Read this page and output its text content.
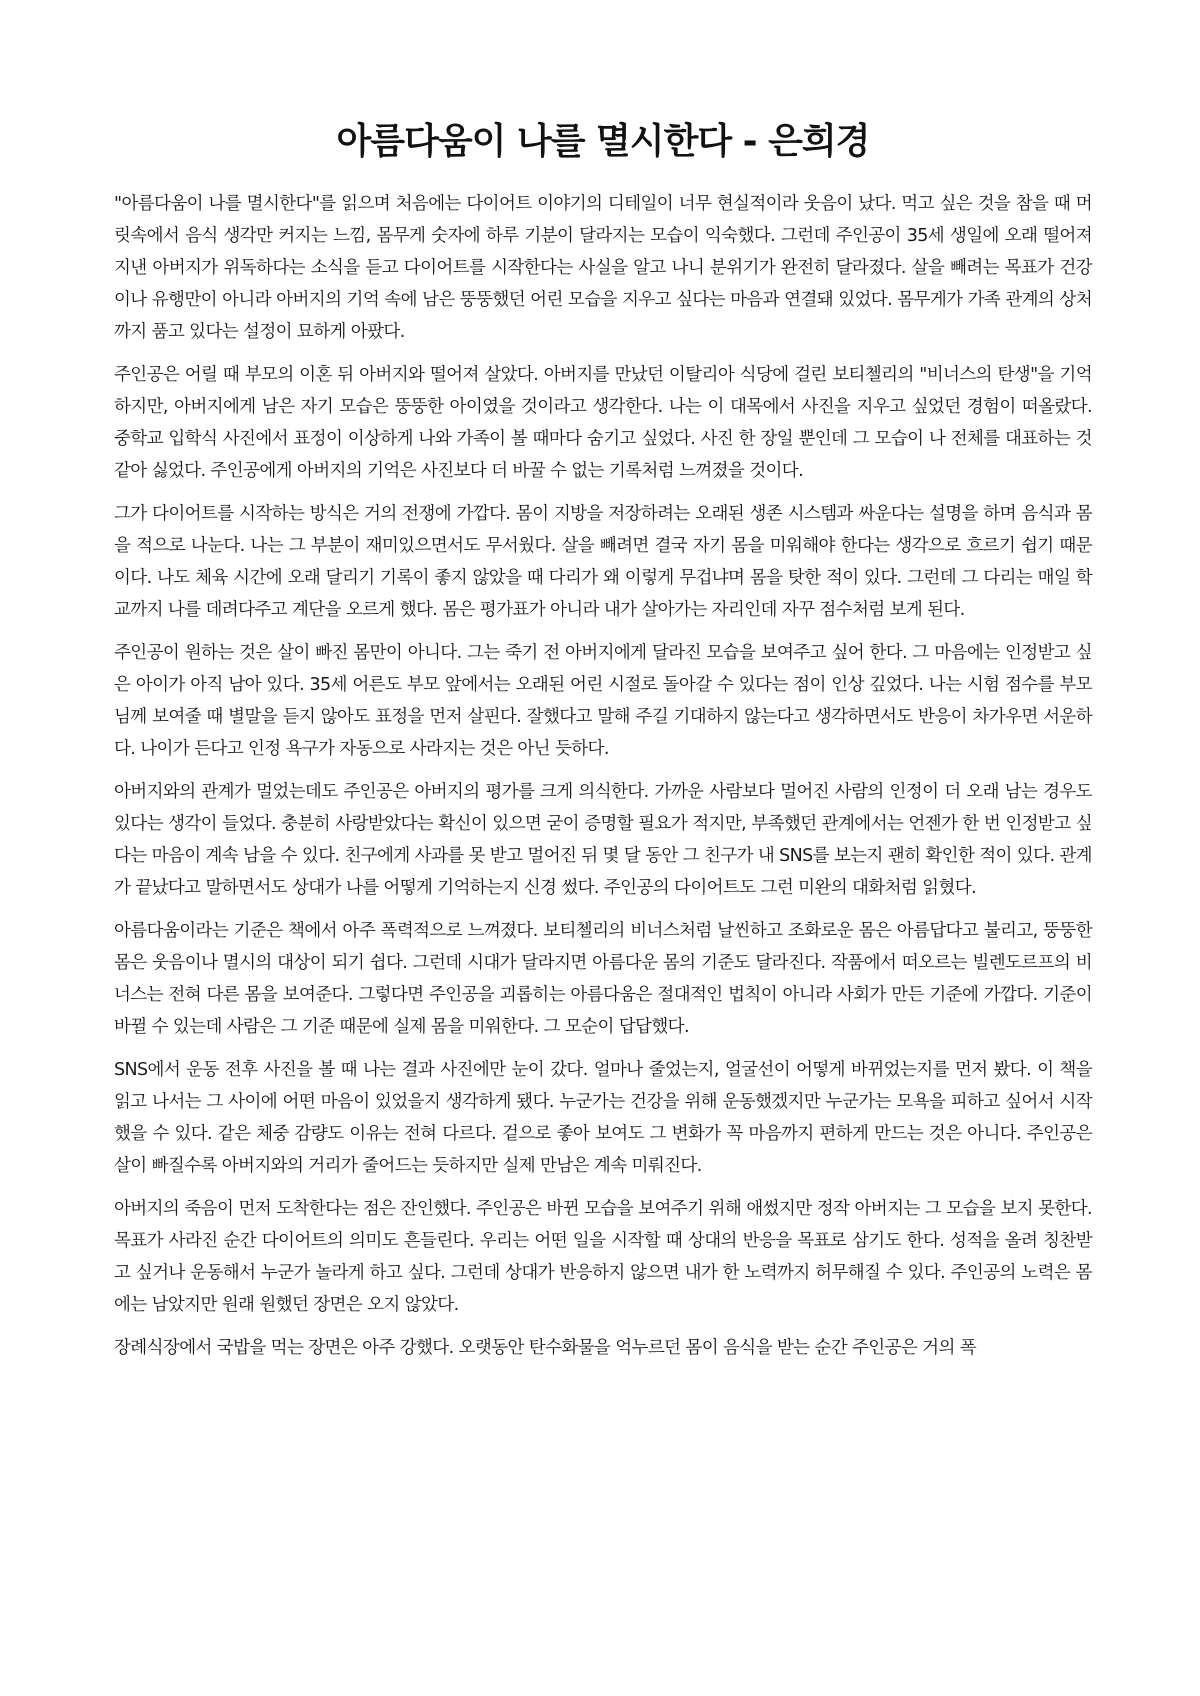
아름다움이 나를 멸시한다 - 은희경

"아름다움이 나를 멸시한다"를 읽으며 처음에는 다이어트 이야기의 디테일이 너무 현실적이라 웃음이 났다. 먹고 싶은 것을 참을 때 머릿속에서 음식 생각만 커지는 느낌, 몸무게 숫자에 하루 기분이 달라지는 모습이 익숙했다. 그런데 주인공이 35세 생일에 오래 떨어져 지낸 아버지가 위독하다는 소식을 듣고 다이어트를 시작한다는 사실을 알고 나니 분위기가 완전히 달라졌다. 살을 빼려는 목표가 건강이나 유행만이 아니라 아버지의 기억 속에 남은 뚱뚱했던 어린 모습을 지우고 싶다는 마음과 연결돼 있었다. 몸무게가 가족 관계의 상처까지 품고 있다는 설정이 묘하게 아팠다.

주인공은 어릴 때 부모의 이혼 뒤 아버지와 떨어져 살았다. 아버지를 만났던 이탈리아 식당에 걸린 보티첼리의 "비너스의 탄생"을 기억하지만, 아버지에게 남은 자기 모습은 뚱뚱한 아이였을 것이라고 생각한다. 나는 이 대목에서 사진을 지우고 싶었던 경험이 떠올랐다. 중학교 입학식 사진에서 표정이 이상하게 나와 가족이 볼 때마다 숨기고 싶었다. 사진 한 장일 뿐인데 그 모습이 나 전체를 대표하는 것 같아 싫었다. 주인공에게 아버지의 기억은 사진보다 더 바꿀 수 없는 기록처럼 느껴졌을 것이다.

그가 다이어트를 시작하는 방식은 거의 전쟁에 가깝다. 몸이 지방을 저장하려는 오래된 생존 시스템과 싸운다는 설명을 하며 음식과 몸을 적으로 나눈다. 나는 그 부분이 재미있으면서도 무서웠다. 살을 빼려면 결국 자기 몸을 미워해야 한다는 생각으로 흐르기 쉽기 때문이다. 나도 체육 시간에 오래 달리기 기록이 좋지 않았을 때 다리가 왜 이렇게 무겁냐며 몸을 탓한 적이 있다. 그런데 그 다리는 매일 학교까지 나를 데려다주고 계단을 오르게 했다. 몸은 평가표가 아니라 내가 살아가는 자리인데 자꾸 점수처럼 보게 된다.

주인공이 원하는 것은 살이 빠진 몸만이 아니다. 그는 죽기 전 아버지에게 달라진 모습을 보여주고 싶어 한다. 그 마음에는 인정받고 싶은 아이가 아직 남아 있다. 35세 어른도 부모 앞에서는 오래된 어린 시절로 돌아갈 수 있다는 점이 인상 깊었다. 나는 시험 점수를 부모님께 보여줄 때 별말을 듣지 않아도 표정을 먼저 살핀다. 잘했다고 말해 주길 기대하지 않는다고 생각하면서도 반응이 차가우면 서운하다. 나이가 든다고 인정 욕구가 자동으로 사라지는 것은 아닌 듯하다.

아버지와의 관계가 멀었는데도 주인공은 아버지의 평가를 크게 의식한다. 가까운 사람보다 멀어진 사람의 인정이 더 오래 남는 경우도 있다는 생각이 들었다. 충분히 사랑받았다는 확신이 있으면 굳이 증명할 필요가 적지만, 부족했던 관계에서는 언젠가 한 번 인정받고 싶다는 마음이 계속 남을 수 있다. 친구에게 사과를 못 받고 멀어진 뒤 몇 달 동안 그 친구가 내 SNS를 보는지 괜히 확인한 적이 있다. 관계가 끝났다고 말하면서도 상대가 나를 어떻게 기억하는지 신경 썼다. 주인공의 다이어트도 그런 미완의 대화처럼 읽혔다.

아름다움이라는 기준은 책에서 아주 폭력적으로 느껴졌다. 보티첼리의 비너스처럼 날씬하고 조화로운 몸은 아름답다고 불리고, 뚱뚱한 몸은 웃음이나 멸시의 대상이 되기 쉽다. 그런데 시대가 달라지면 아름다운 몸의 기준도 달라진다. 작품에서 떠오르는 빌렌도르프의 비너스는 전혀 다른 몸을 보여준다. 그렇다면 주인공을 괴롭히는 아름다움은 절대적인 법칙이 아니라 사회가 만든 기준에 가깝다. 기준이 바뀔 수 있는데 사람은 그 기준 때문에 실제 몸을 미워한다. 그 모순이 답답했다.

SNS에서 운동 전후 사진을 볼 때 나는 결과 사진에만 눈이 갔다. 얼마나 줄었는지, 얼굴선이 어떻게 바뀌었는지를 먼저 봤다. 이 책을 읽고 나서는 그 사이에 어떤 마음이 있었을지 생각하게 됐다. 누군가는 건강을 위해 운동했겠지만 누군가는 모욕을 피하고 싶어서 시작했을 수 있다. 같은 체중 감량도 이유는 전혀 다르다. 겉으로 좋아 보여도 그 변화가 꼭 마음까지 편하게 만드는 것은 아니다. 주인공은 살이 빠질수록 아버지와의 거리가 줄어드는 듯하지만 실제 만남은 계속 미뤄진다.

아버지의 죽음이 먼저 도착한다는 점은 잔인했다. 주인공은 바뀐 모습을 보여주기 위해 애썼지만 정작 아버지는 그 모습을 보지 못한다. 목표가 사라진 순간 다이어트의 의미도 흔들린다. 우리는 어떤 일을 시작할 때 상대의 반응을 목표로 삼기도 한다. 성적을 올려 칭찬받고 싶거나 운동해서 누군가 놀라게 하고 싶다. 그런데 상대가 반응하지 않으면 내가 한 노력까지 허무해질 수 있다. 주인공의 노력은 몸에는 남았지만 원래 원했던 장면은 오지 않았다.

장례식장에서 국밥을 먹는 장면은 아주 강했다. 오랫동안 탄수화물을 억누르던 몸이 음식을 받는 순간 주인공은 거의 폭
